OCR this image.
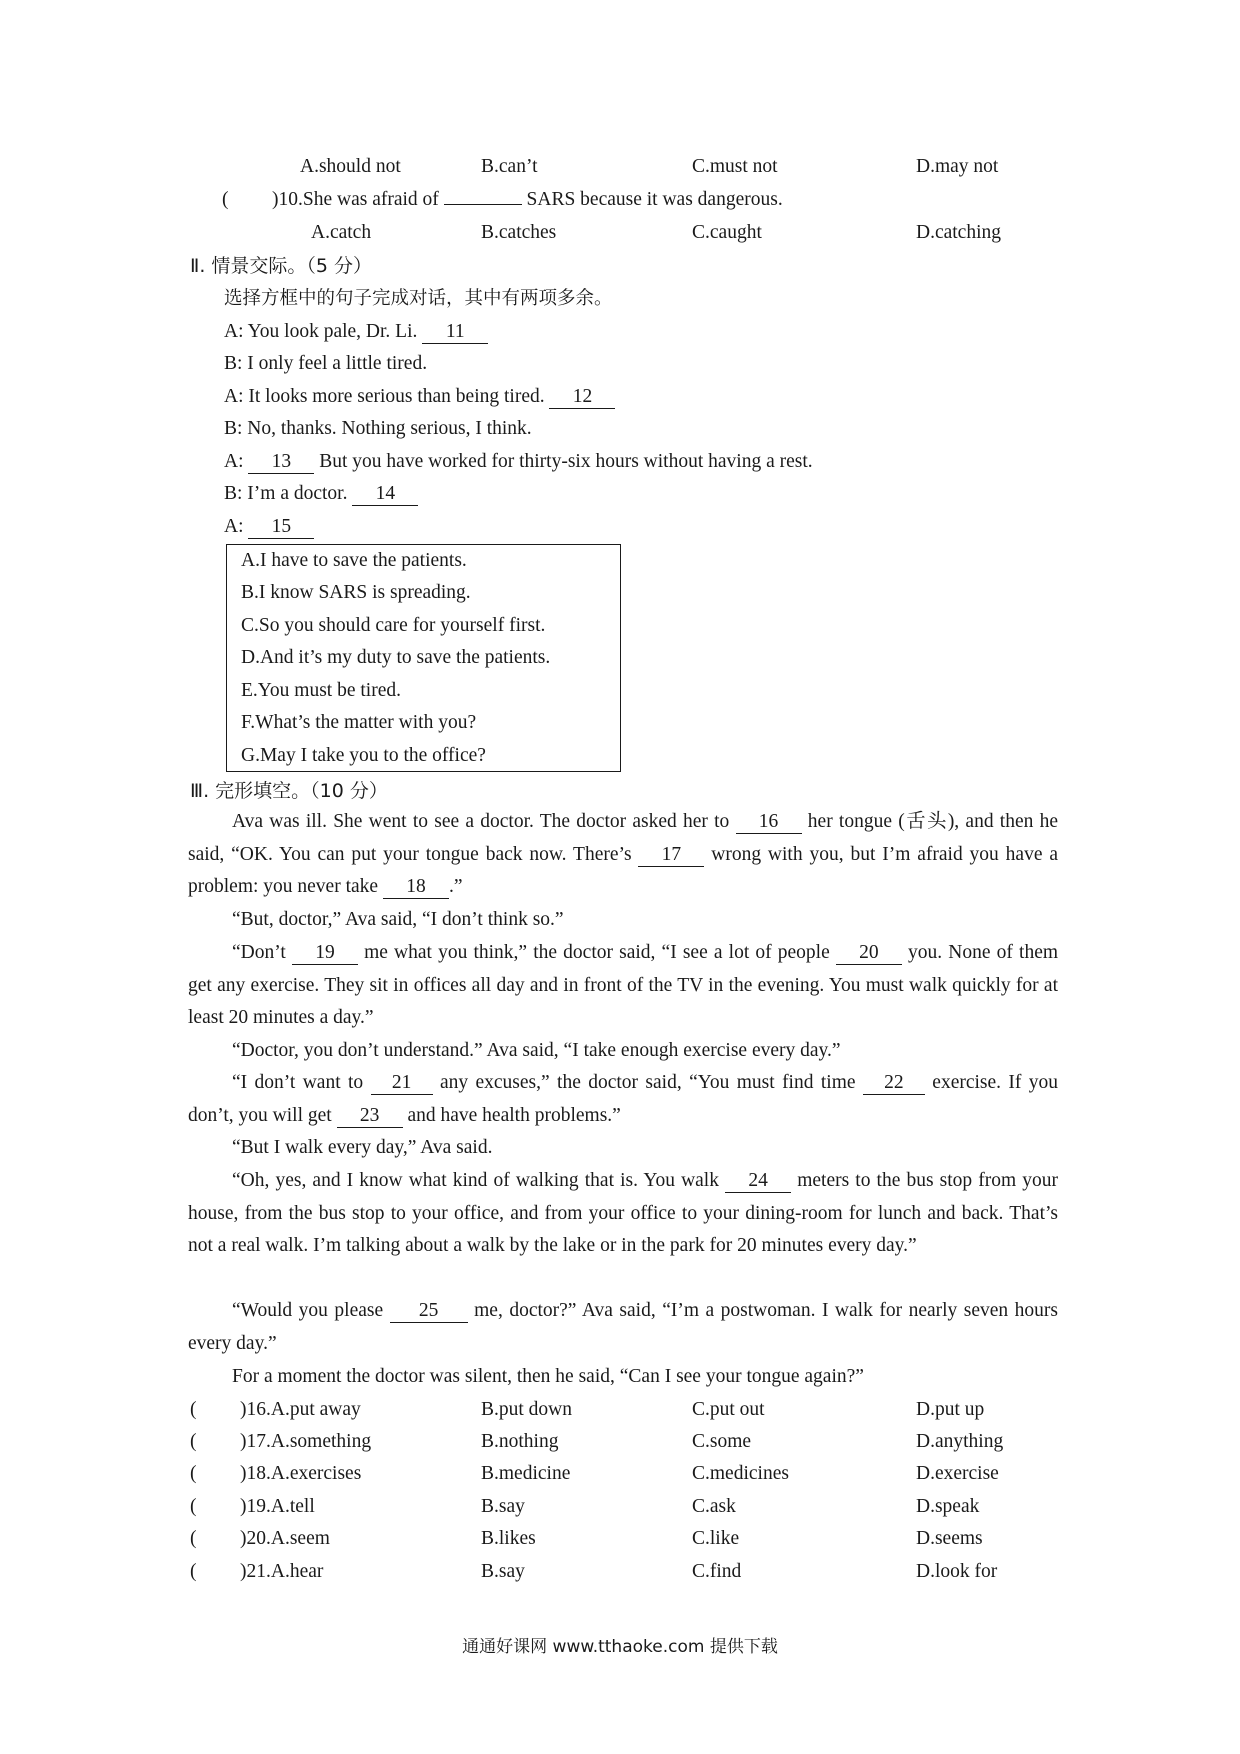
A.should not	B.can’t	C.must not	D.may not
( )10.She was afraid of	SARS because it was dangerous.
A.catch	B.catches	C.caught	D.catching
Ⅱ. 情景交际。（5 分）
选择方框中的句子完成对话，其中有两项多余。
A: You look pale, Dr. Li. 11
B: I only feel a little tired.
A: It looks more serious than being tired. 12
B: No, thanks. Nothing serious, I think.
A: 13 But you have worked for thirty-six hours without having a rest.
B: I’m a doctor. 14
A: 15
A.I have to save the patients.
B.I know SARS is spreading.
C.So you should care for yourself first.
D.And it’s my duty to save the patients.
E.You must be tired.
F.What’s the matter with you?
G.May I take you to the office?
Ⅲ. 完形填空。（10 分）
Ava was ill. She went to see a doctor. The doctor asked her to 16 her tongue (舌头), and then he said, “OK. You can put your tongue back now. There’s 17 wrong with you, but I’m afraid you have a problem: you never take 18 .”
“But, doctor,” Ava said, “I don’t think so.”
“Don’t 19 me what you think,” the doctor said, “I see a lot of people 20 you. None of them get any exercise. They sit in offices all day and in front of the TV in the evening. You must walk quickly for at least 20 minutes a day.”
“Doctor, you don’t understand.” Ava said, “I take enough exercise every day.”
“I don’t want to 21 any excuses,” the doctor said, “You must find time 22 exercise. If you don’t, you will get 23 and have health problems.”
“But I walk every day,” Ava said.
“Oh, yes, and I know what kind of walking that is. You walk 24 meters to the bus stop from your house, from the bus stop to your office, and from your office to your dining-room for lunch and back. That’s not a real walk. I’m talking about a walk by the lake or in the park for 20 minutes every day.”
“Would you please 25 me, doctor?” Ava said, “I’m a postwoman. I walk for nearly seven hours every day.”
For a moment the doctor was silent, then he said, “Can I see your tongue again?”
( )16.A.put away	B.put down	C.put out	D.put up
( )17.A.something	B.nothing	C.some	D.anything
( )18.A.exercises	B.medicine	C.medicines	D.exercise
( )19.A.tell	B.say	C.ask	D.speak
( )20.A.seem	B.likes	C.like	D.seems
( )21.A.hear	B.say	C.find	D.look for
通通好课网 www.tthaoke.com 提供下载
